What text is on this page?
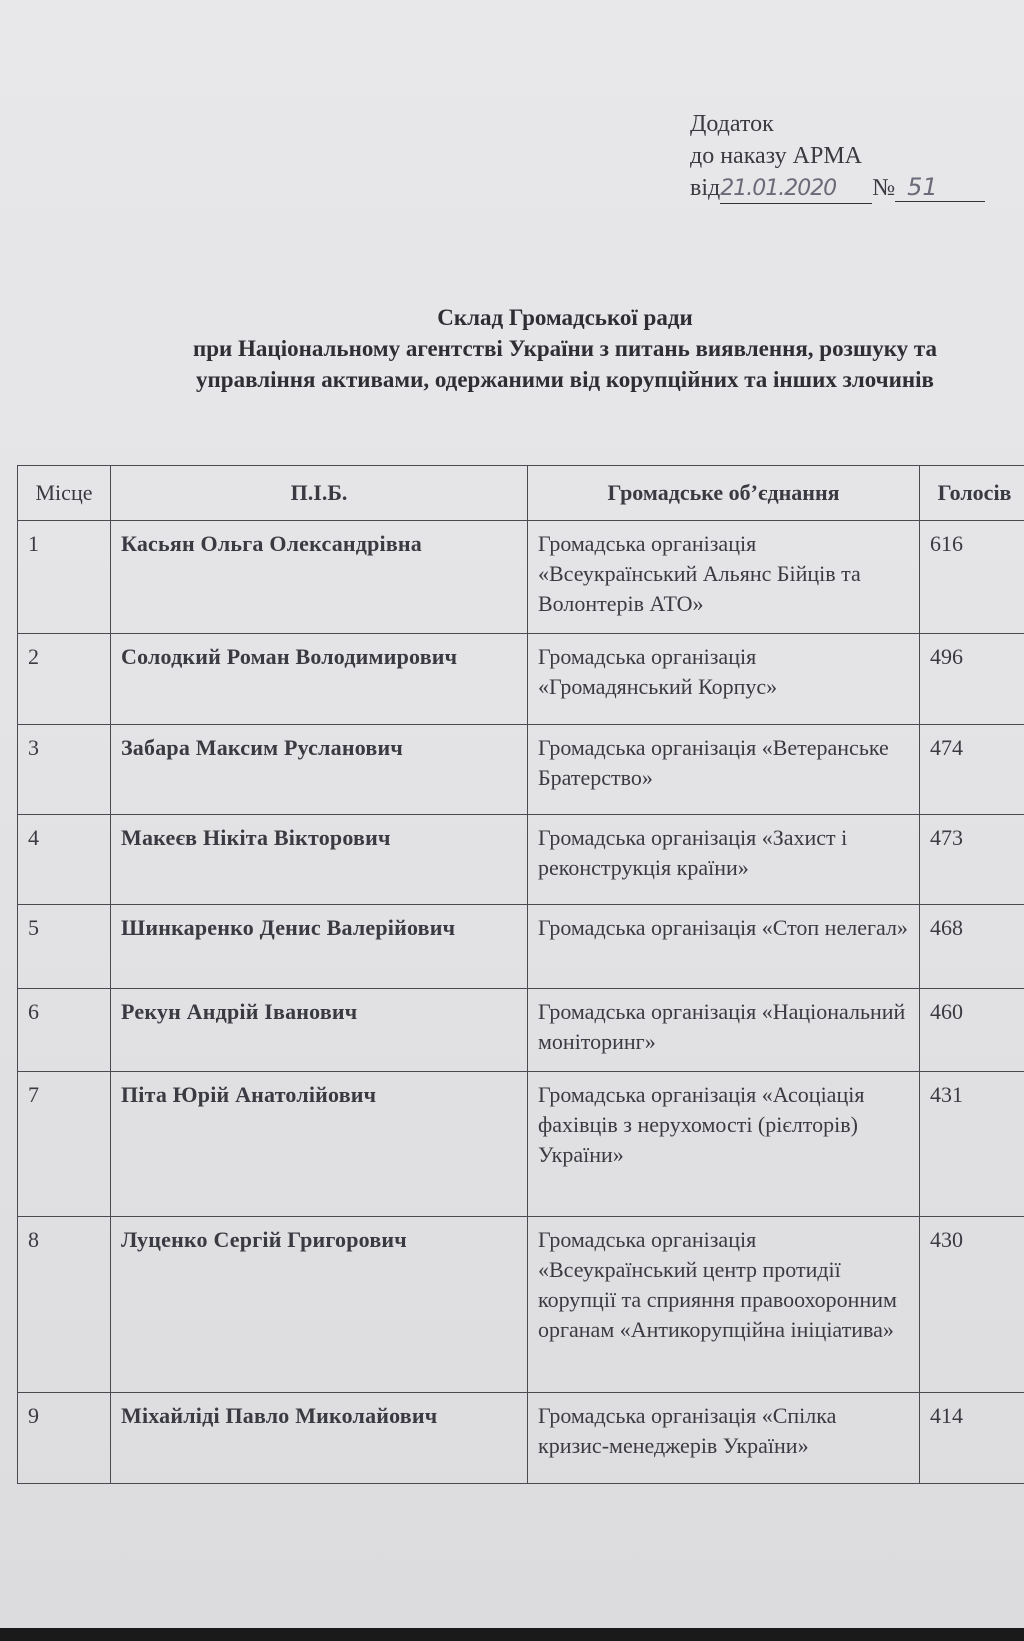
Додаток
до наказу АРМА
від21.01.2020 № 51
Склад Громадської ради
при Національному агентстві України з питань виявлення, розшуку та
управління активами, одержаними від корупційних та інших злочинів
Місце	П.І.Б.	Громадське об’єднання	Голосів
1	Касьян Ольга Олександрівна	Громадська організація «Всеукраїнський Альянс Бійців та Волонтерів АТО»	616
2	Солодкий Роман Володимирович	Громадська організація «Громадянський Корпус»	496
3	Забара Максим Русланович	Громадська організація «Ветеранське Братерство»	474
4	Макеєв Нікіта Вікторович	Громадська організація «Захист і реконструкція країни»	473
5	Шинкаренко Денис Валерійович	Громадська організація «Стоп нелегал»	468
6	Рекун Андрій Іванович	Громадська організація «Національний моніторинг»	460
7	Піта Юрій Анатолійович	Громадська організація «Асоціація фахівців з нерухомості (рієлторів) України»	431
8	Луценко Сергій Григорович	Громадська організація «Всеукраїнський центр протидії корупції та сприяння правоохоронним органам «Антикорупційна ініціатива»	430
9	Міхайліді Павло Миколайович	Громадська організація «Спілка кризис-менеджерів України»	414
